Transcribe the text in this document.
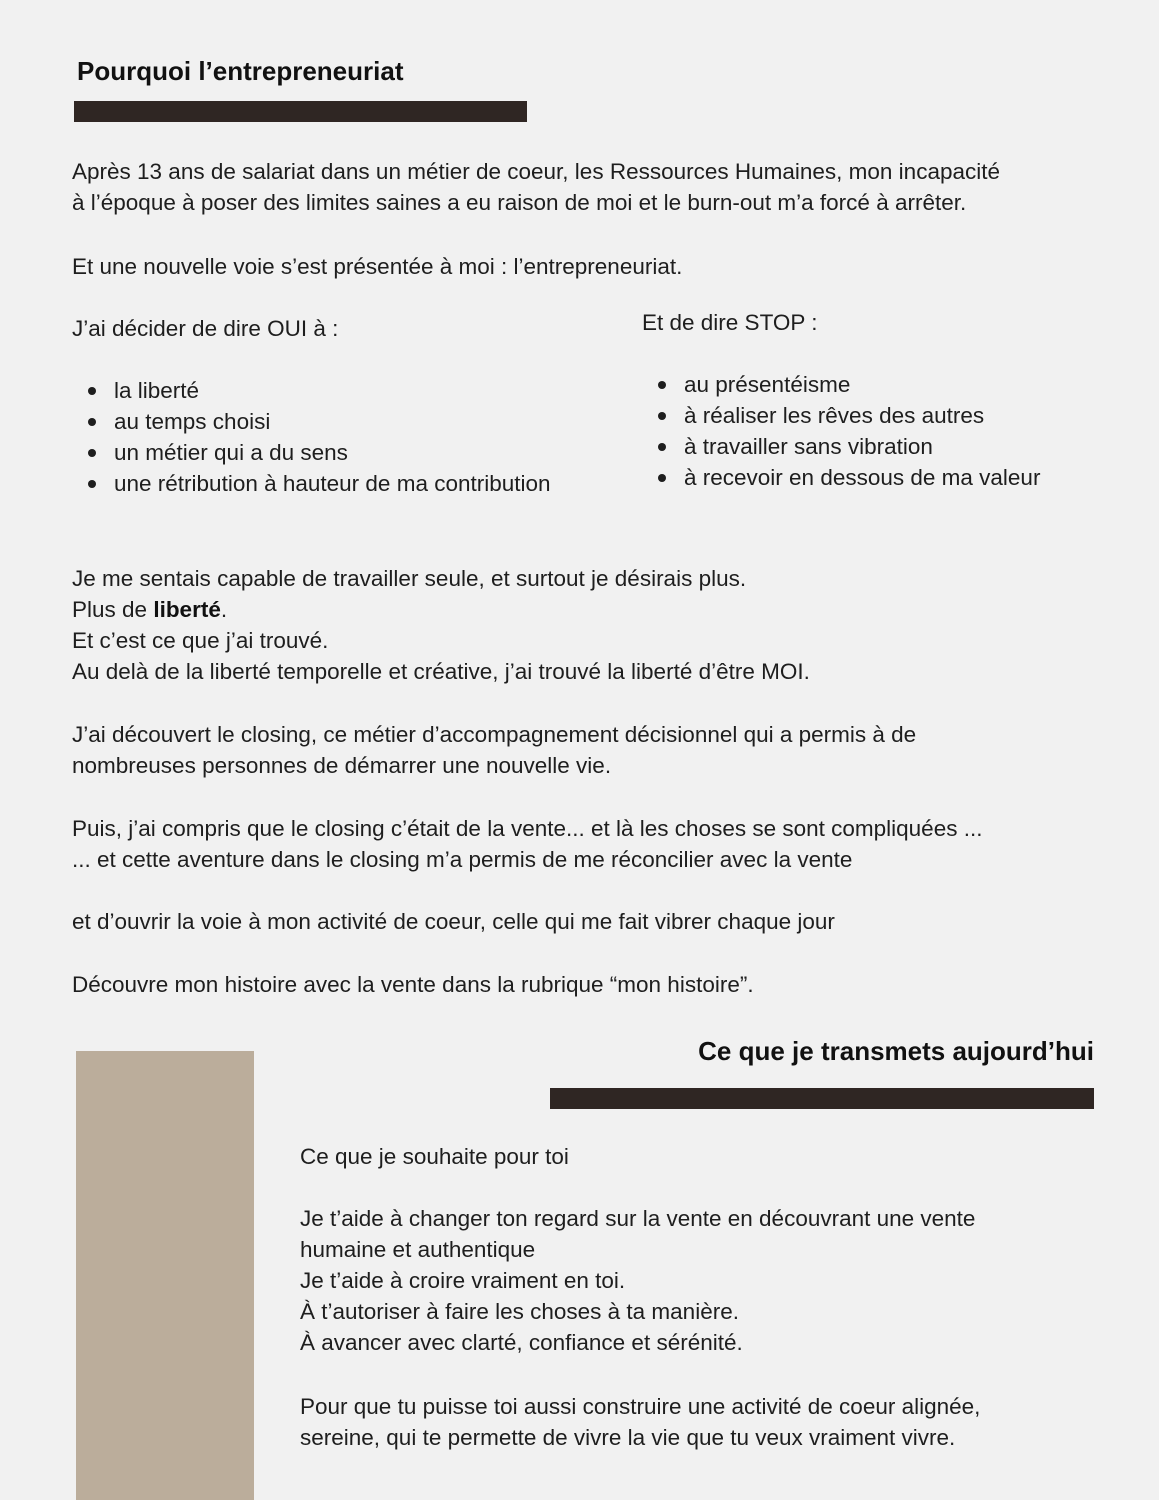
Pourquoi l’entrepreneuriat
Après 13 ans de salariat dans un métier de coeur, les Ressources Humaines, mon incapacité
à l’époque à poser des limites saines a eu raison de moi et le burn-out m’a forcé à arrêter.
Et une nouvelle voie s’est présentée à moi : l’entrepreneuriat.
J’ai décider de dire OUI à :
la liberté
au temps choisi
un métier qui a du sens
une rétribution à hauteur de ma contribution
Et de dire STOP :
au présentéisme
à réaliser les rêves des autres
à travailler sans vibration
à recevoir en dessous de ma valeur
Je me sentais capable de travailler seule, et surtout je désirais plus.
Plus de liberté.
Et c’est ce que j’ai trouvé.
Au delà de la liberté temporelle et créative, j’ai trouvé la liberté d’être MOI.
J’ai découvert le closing, ce métier d’accompagnement décisionnel qui a permis à de
nombreuses personnes de démarrer une nouvelle vie.
Puis, j’ai compris que le closing c’était de la vente... et là les choses se sont compliquées ...
... et cette aventure dans le closing m’a permis de me réconcilier avec la vente
et d’ouvrir la voie à mon activité de coeur, celle qui me fait vibrer chaque jour
Découvre mon histoire avec la vente dans la rubrique “mon histoire”.
Ce que je transmets aujourd’hui
Ce que je souhaite pour toi
Je t’aide à changer ton regard sur la vente en découvrant une vente
humaine et authentique
Je t’aide à croire vraiment en toi.
À t’autoriser à faire les choses à ta manière.
À avancer avec clarté, confiance et sérénité.
Pour que tu puisse toi aussi construire une activité de coeur alignée,
sereine, qui te permette de vivre la vie que tu veux vraiment vivre.
